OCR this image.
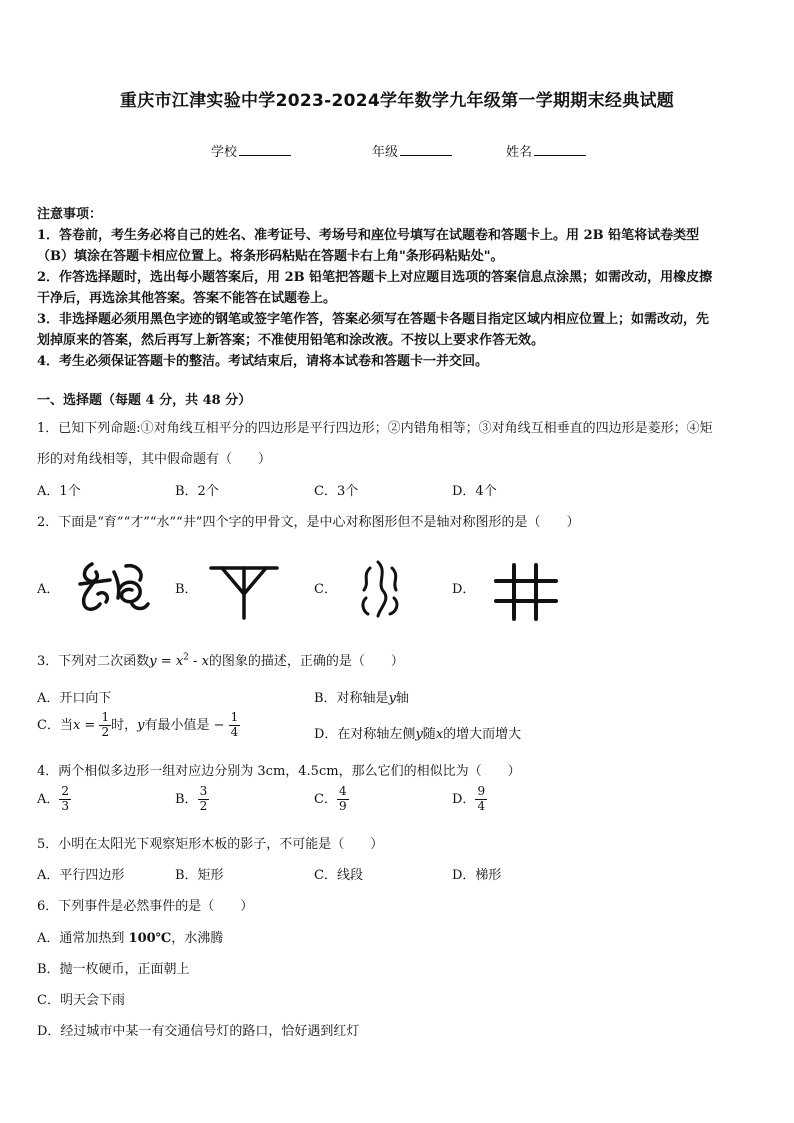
重庆市江津实验中学2023-2024学年数学九年级第一学期期末经典试题
学校	年级	姓名
注意事项：
1．答卷前，考生务必将自己的姓名、准考证号、考场号和座位号填写在试题卷和答题卡上。用 2B 铅笔将试卷类型
（B）填涂在答题卡相应位置上。将条形码粘贴在答题卡右上角"条形码粘贴处"。
2．作答选择题时，选出每小题答案后，用 2B 铅笔把答题卡上对应题目选项的答案信息点涂黑；如需改动，用橡皮擦
干净后，再选涂其他答案。答案不能答在试题卷上。
3．非选择题必须用黑色字迹的钢笔或签字笔作答，答案必须写在答题卡各题目指定区域内相应位置上；如需改动，先
划掉原来的答案，然后再写上新答案；不准使用铅笔和涂改液。不按以上要求作答无效。
4．考生必须保证答题卡的整洁。考试结束后，请将本试卷和答题卡一并交回。
一、选择题（每题 4 分，共 48 分）
1．已知下列命题:①对角线互相平分的四边形是平行四边形；②内错角相等；③对角线互相垂直的四边形是菱形；④矩
形的对角线相等，其中假命题有（　　）
A．1个	B．2个	C．3个	D．4个
2．下面是“育”“才”“水”“井”四个字的甲骨文，是中心对称图形但不是轴对称图形的是（　　）
A．	B．	C．	D．
3．下列对二次函数$y = x^2 - x$的图象的描述，正确的是（　　）
A．开口向下	B．对称轴是y轴
C．当$x = \frac{1}{2}$ 时，y有最小值是 − $\frac{1}{4}$	D．在对称轴左侧y随x的增大而增大
4．两个相似多边形一组对应边分别为 3cm，4.5cm，那么它们的相似比为（　　）
A． $\frac{2}{3}$	B． $\frac{3}{2}$	C． $\frac{4}{9}$	D． $\frac{9}{4}$
5．小明在太阳光下观察矩形木板的影子，不可能是（　　）
A．平行四边形	B．矩形	C．线段	D．梯形
6．下列事件是必然事件的是（　　）
A．通常加热到 100℃，水沸腾
B．抛一枚硬币，正面朝上
C．明天会下雨
D．经过城市中某一有交通信号灯的路口，恰好遇到红灯
